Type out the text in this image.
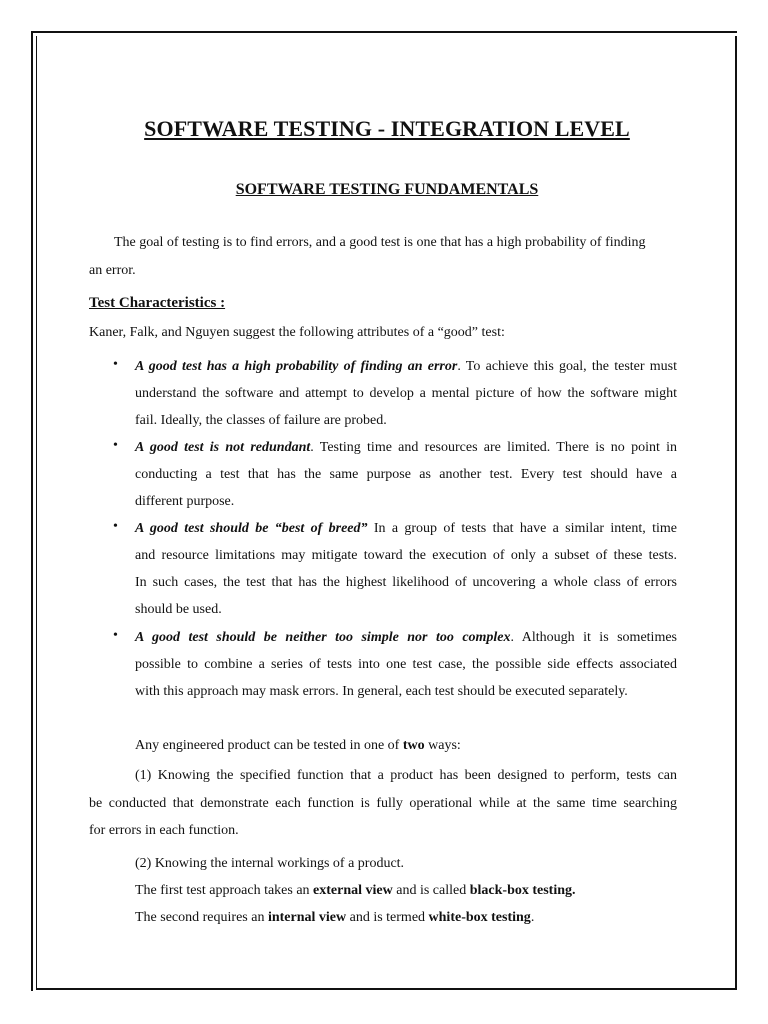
SOFTWARE TESTING - INTEGRATION LEVEL
SOFTWARE TESTING FUNDAMENTALS
The goal of testing is to find errors, and a good test is one that has a high probability of finding
an error.
Test Characteristics :
Kaner, Falk, and Nguyen suggest the following attributes of a “good” test:
• A good test has a high probability of finding an error. To achieve this goal, the tester must
understand the software and attempt to develop a mental picture of how the software might
fail. Ideally, the classes of failure are probed.
• A good test is not redundant. Testing time and resources are limited. There is no point in
conducting a test that has the same purpose as another test. Every test should have a
different purpose.
• A good test should be “best of breed” In a group of tests that have a similar intent, time
and resource limitations may mitigate toward the execution of only a subset of these tests.
In such cases, the test that has the highest likelihood of uncovering a whole class of errors
should be used.
• A good test should be neither too simple nor too complex. Although it is sometimes
possible to combine a series of tests into one test case, the possible side effects associated
with this approach may mask errors. In general, each test should be executed separately.
Any engineered product can be tested in one of two ways:
(1) Knowing the specified function that a product has been designed to perform, tests can
be conducted that demonstrate each function is fully operational while at the same time searching
for errors in each function.
(2) Knowing the internal workings of a product.
The first test approach takes an external view and is called black-box testing.
The second requires an internal view and is termed white-box testing.
